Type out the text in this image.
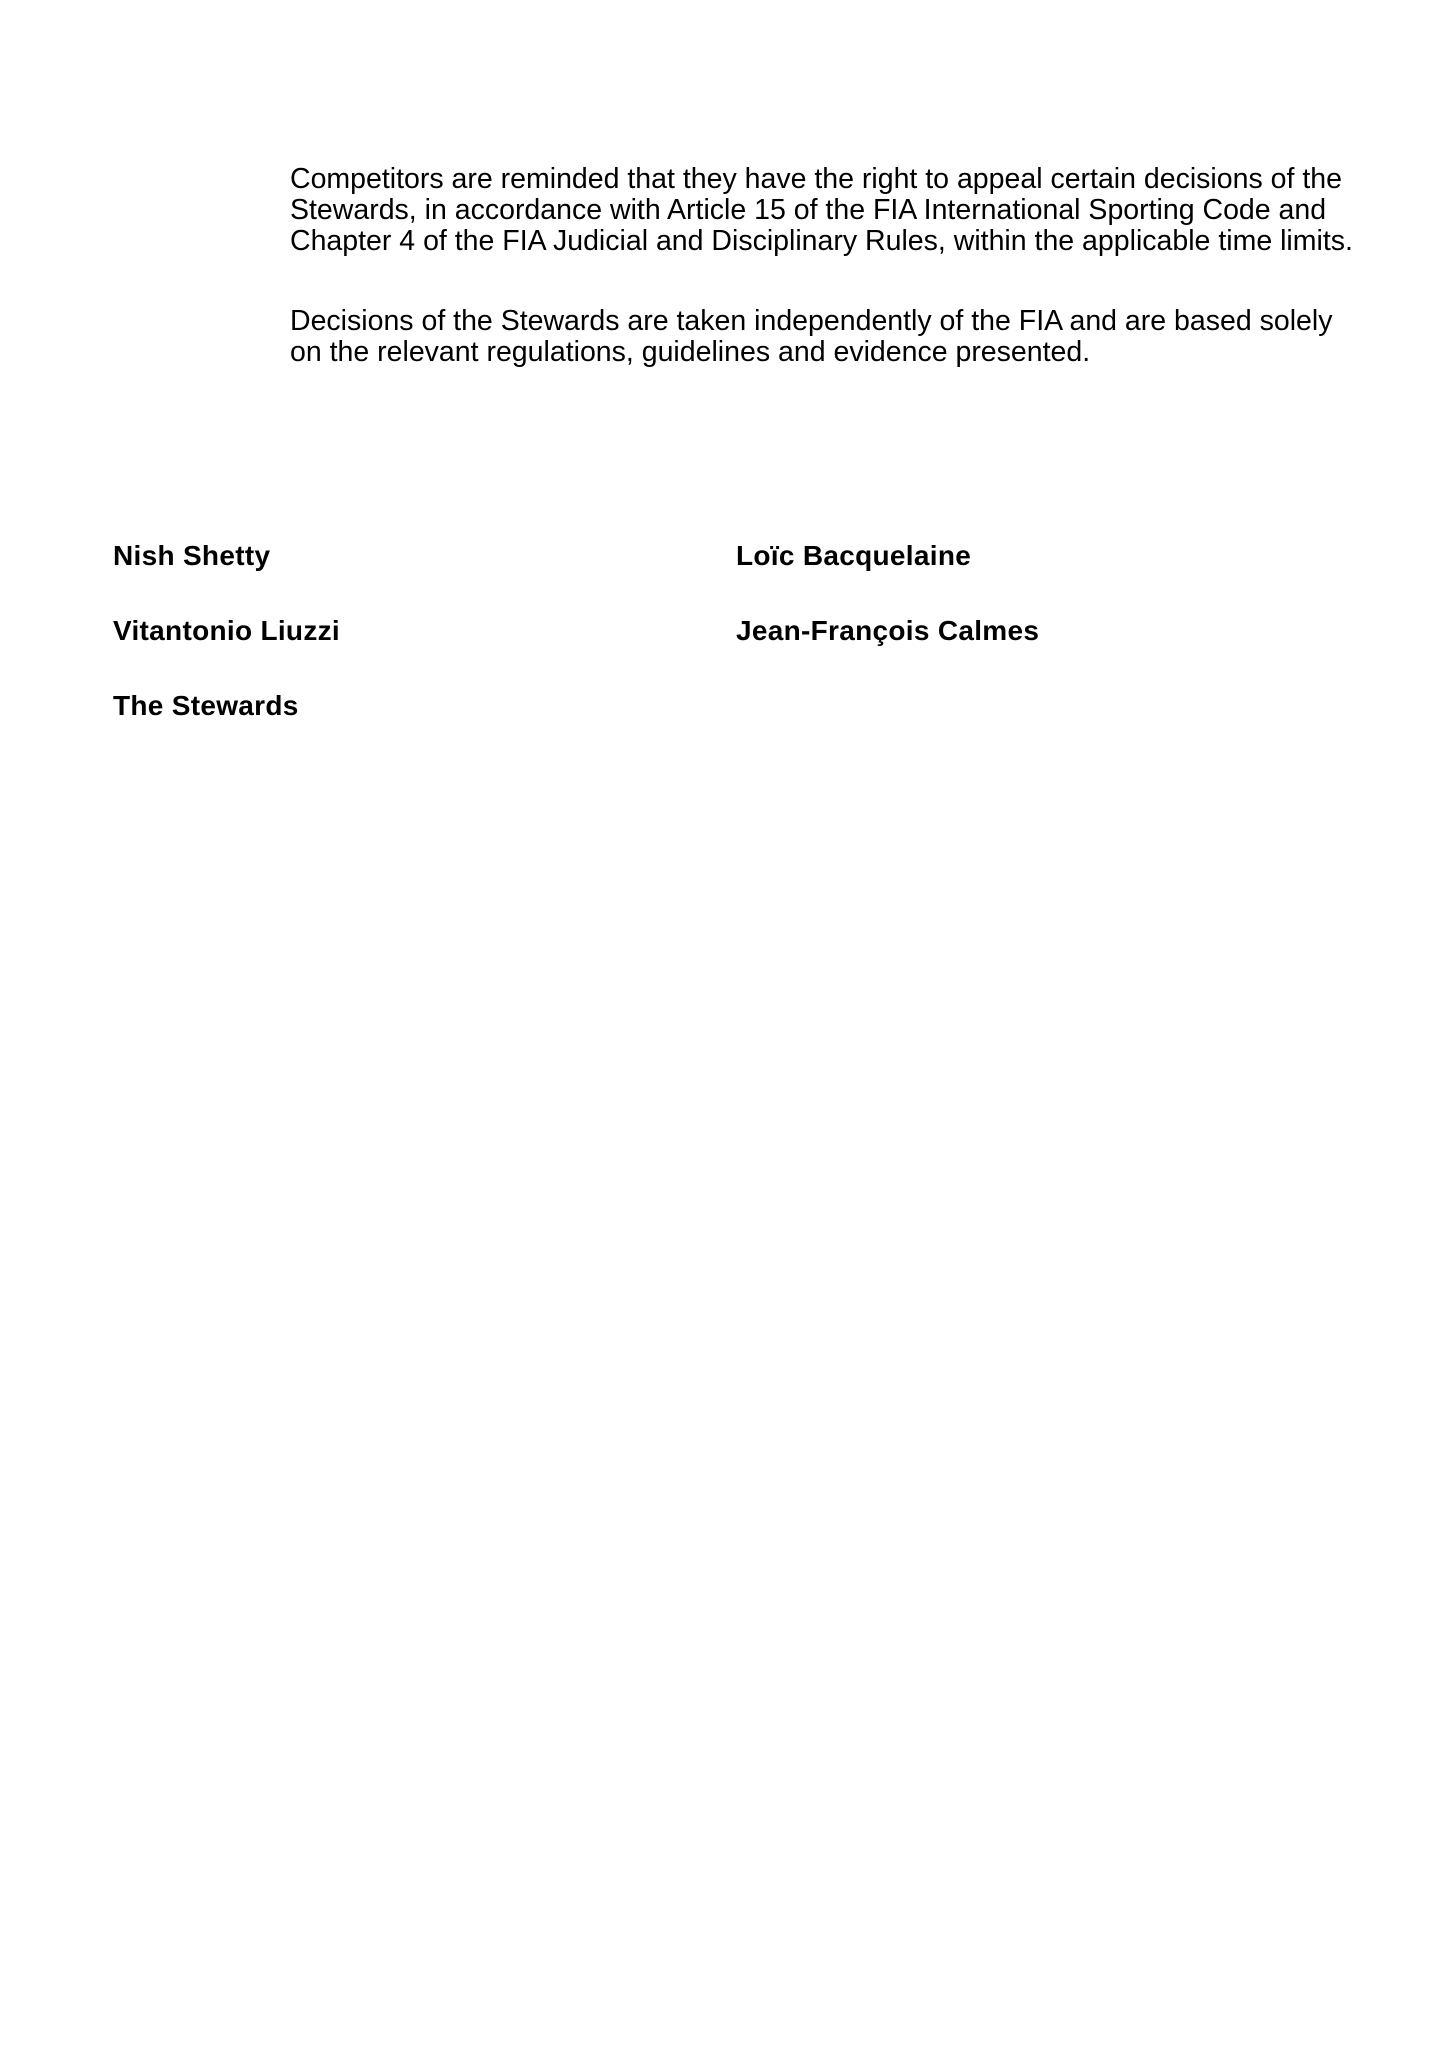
Competitors are reminded that they have the right to appeal certain decisions of the
Stewards, in accordance with Article 15 of the FIA International Sporting Code and
Chapter 4 of the FIA Judicial and Disciplinary Rules, within the applicable time limits.

Decisions of the Stewards are taken independently of the FIA and are based solely
on the relevant regulations, guidelines and evidence presented.

Nish Shetty	Loïc Bacquelaine

Vitantonio Liuzzi	Jean-François Calmes

The Stewards
